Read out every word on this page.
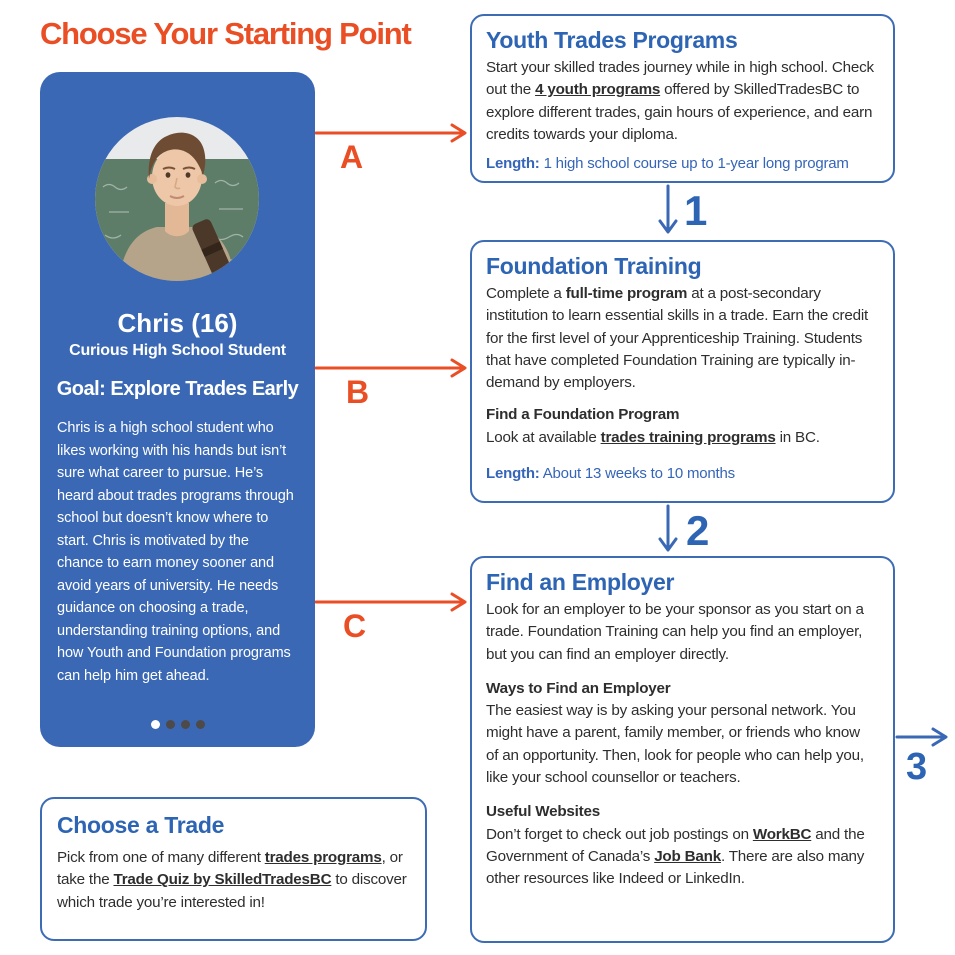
Choose Your Starting Point
A
B
C
1
2
3
Chris (16)
Curious High School Student
Goal: Explore Trades Early

Chris is a high school student who likes working with his hands but isn’t sure what career to pursue. He’s heard about trades programs through school but doesn’t know where to start. Chris is motivated by the chance to earn money sooner and avoid years of university. He needs guidance on choosing a trade, understanding training options, and how Youth and Foundation programs can help him get ahead.

Youth Trades Programs

Start your skilled trades journey while in high school. Check out the 4 youth programs offered by SkilledTradesBC to explore different trades, gain hours of experience, and earn credits towards your diploma.

Length: 1 high school course up to 1-year long program

Foundation Training

Complete a full-time program at a post-secondary institution to learn essential skills in a trade. Earn the credit for the first level of your Apprenticeship Training. Students that have completed Foundation Training are typically in-demand by employers.

Find a Foundation Program

Look at available trades training programs in BC.

Length: About 13 weeks to 10 months

Find an Employer

Look for an employer to be your sponsor as you start on a trade. Foundation Training can help you find an employer, but you can find an employer directly.

Ways to Find an Employer

The easiest way is by asking your personal network. You might have a parent, family member, or friends who know of an opportunity. Then, look for people who can help you, like your school counsellor or teachers.

Useful Websites

Don’t forget to check out job postings on WorkBC and the Government of Canada’s Job Bank. There are also many other resources like Indeed or LinkedIn.

Choose a Trade

Pick from one of many different trades programs, or take the Trade Quiz by SkilledTradesBC to discover which trade you’re interested in!
